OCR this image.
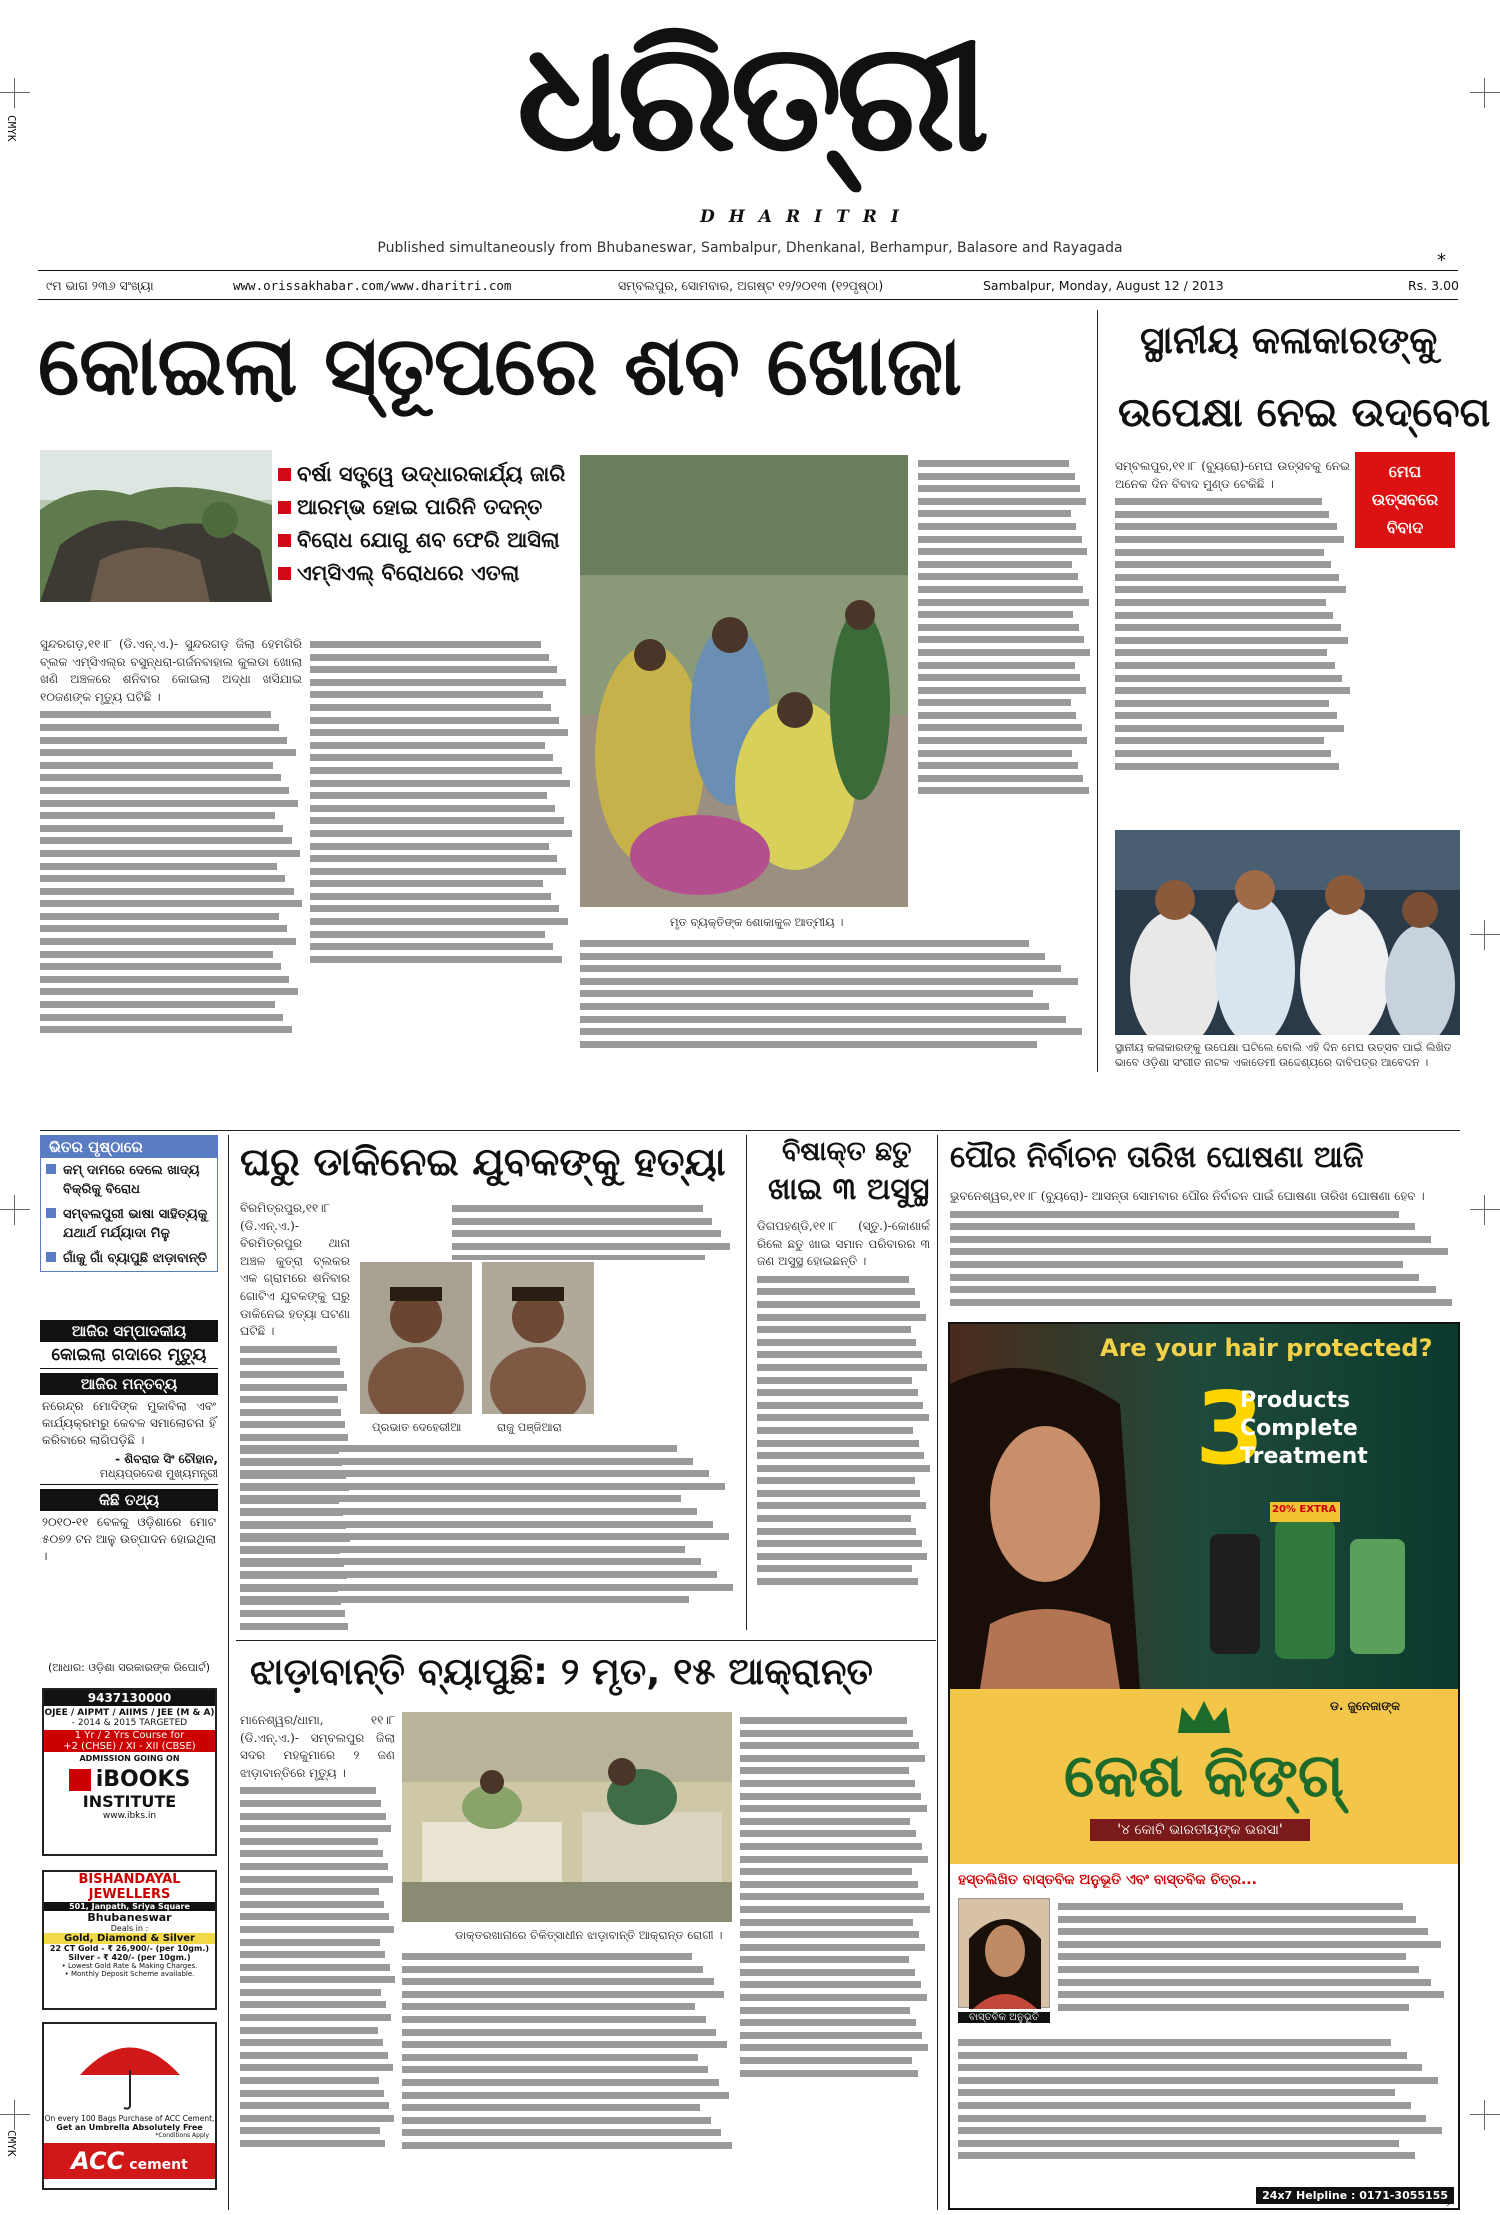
CMYK
CMYK
ଧରିତ୍ରୀ
DHARITRI
Published simultaneously from Bhubaneswar, Sambalpur, Dhenkanal, Berhampur, Balasore and Rayagada
*
୯ମ ଭାଗ ୨୩୬ ସଂଖ୍ୟା	www.orissakhabar.com/www.dharitri.com	ସମ୍ବଲପୁର, ସୋମବାର, ଅଗଷ୍ଟ ୧୨/୨୦୧୩ (୧୨ପୃଷ୍ଠା)	Sambalpur, Monday, August 12 / 2013	Rs. 3.00
କୋଇଲା ସ୍ତୂପରେ ଶବ ଖୋଜା	ସ୍ଥାନୀୟ କଳାକାରଙ୍କୁ
ଉପେକ୍ଷା ନେଇ ଉଦ୍‌ବେଗ
ବର୍ଷା ସତ୍ତ୍ୱେ ଉଦ୍ଧାରକାର୍ଯ୍ୟ ଜାରି
ଆରମ୍ଭ ହୋଇ ପାରିନି ତଦନ୍ତ
ବିରୋଧ ଯୋଗୁ ଶବ ଫେରି ଆସିଲା
ଏମ୍‌ସିଏଲ୍ ବିରୋଧରେ ଏତଲା
ମୃତ ବ୍ୟକ୍ତିଙ୍କ ଶୋକାକୁଳ ଆତ୍ମୀୟ ।
ସୁନ୍ଦରଗଡ଼,୧୧।୮ (ଡି.ଏନ୍.ଏ.)- ସୁନ୍ଦରଗଡ଼ ଜିଲା ହେମଗିରି ବ୍ଲକ ଏମ୍‌ସିଏଲ୍‌ର ବସୁନ୍ଧରା-ଗର୍ଜନବାହାଲ କୁଲଡା ଖୋଲା ଖଣି ଅଞ୍ଚଳରେ ଶନିବାର କୋଇଲା ଅଦ୍ଧା ଖସିଯାଇ ୧୦ଜଣଙ୍କ ମୃତ୍ୟୁ ଘଟିଛି ।
ମେଘ
ଉତ୍ସବରେ
ବିବାଦ
ସମ୍ବଲପୁର,୧୧।୮ (ବ୍ୟୁରୋ)-ମେଘ ଉତ୍ସବକୁ ନେଇ ଅନେକ ଦିନ ବିବାଦ ମୁଣ୍ଡ ଟେକିଛି ।
ସ୍ଥାନୀୟ କଳାକାରଙ୍କୁ ଉପେକ୍ଷା ଘଟିଲେ ବୋଲି ଏହି ଦିନ ମେଘ ଉତ୍ସବ ପାଇଁ ଲିଖିତ ଭାବେ ଓଡ଼ିଶା ସଂଗୀତ ନାଟକ ଏକାଡେମୀ ଉଦ୍ଦେଶ୍ୟରେ ଦାବିପତ୍ର ଆବେଦନ ।
ଭିତର ପୃଷ୍ଠାରେ
କମ୍ ଦାମରେ ଦେଲେ ଖାଦ୍ୟ ବିକ୍ରିକୁ ବିରୋଧ
ସମ୍ବଲପୁରୀ ଭାଷା ସାହିତ୍ୟକୁ ଯଥାର୍ଥ ମର୍ଯ୍ୟାଦା ମିଳୁ
ଗାଁକୁ ଗାଁ ବ୍ୟାପୁଛି ଝାଡ଼ାବାନ୍ତି
ଆଜିର ସମ୍ପାଦକୀୟ
କୋଇଲା ଗଦାରେ ମୃତ୍ୟୁ
ଆଜିର ମନ୍ତବ୍ୟ
ନରେନ୍ଦ୍ର ମୋଦିଙ୍କ ମୁକାବିଲା ଏବଂ କାର୍ଯ୍ୟକ୍ରମରୁ କେବଳ ସମାଲୋଚନା ହିଁ କରିବାରେ ଲାଗିପଡ଼ିଛି ।
- ଶିବରାଜ ସିଂ ଚୌହାନ,
ମଧ୍ୟପ୍ରଦେଶ ମୁଖ୍ୟମନ୍ତ୍ରୀ
କିଛି ତଥ୍ୟ
୨୦୧୦-୧୧ ବେଳକୁ ଓଡ଼ିଶାରେ ମୋଟ ୫୦୭୨ ଟନ ଆଳୁ ଉତ୍ପାଦନ ହୋଇଥିଲା ।
(ଆଧାର: ଓଡ଼ିଶା ସରକାରଙ୍କ ରିପୋର୍ଟ)
9437130000
OJEE / AIPMT / AIIMS / JEE (M & A)
- 2014 & 2015 TARGETED
1 Yr / 2 Yrs Course for
+2 (CHSE) / XI - XII (CBSE)
ADMISSION GOING ON
iBOOKS
INSTITUTE
www.ibks.in
BISHANDAYAL
JEWELLERS
501, Janpath, Sriya Square
Bhubaneswar
Deals in :
Gold, Diamond & Silver
22 CT Gold - ₹ 26,900/- (per 10gm.)
Silver - ₹ 420/- (per 10gm.)
• Lowest Gold Rate & Making Charges.
• Monthly Deposit Scheme available.
On every 100 Bags Purchase of ACC Cement,
Get an Umbrella Absolutely Free
*Conditions Apply
ACC cement
ଘରୁ ଡାକିନେଇ ଯୁବକଙ୍କୁ ହତ୍ୟା
ବିରମିତ୍ରପୁର,୧୧।୮ (ଡି.ଏନ୍.ଏ.)- ବିରମିତ୍ରପୁର ଥାନା ଅଞ୍ଚଳ କୁତ୍ରା ବ୍ଲକର ଏକ ଗ୍ରାମରେ ଶନିବାର ଗୋଟିଏ ଯୁବକଙ୍କୁ ଘରୁ ଡାକିନେଇ ହତ୍ୟା ଘଟଣା ଘଟିଛି ।
ପ୍ରଭାତ ଦେହେରୀଆ	ରାଜୁ ପଞ୍ଜିଆରା
ବିଷାକ୍ତ ଛତୁ
ଖାଇ ୩ ଅସୁସ୍ଥ
ଡିଗପହଣ୍ଡି,୧୧।୮ (ସ୍ତୁ.)-କୋଣାର୍କ ରିଲେ ଛତୁ ଖାଇ ସମାନ ପରିବାରର ୩ ଜଣ ଅସୁସ୍ଥ ହୋଇଛନ୍ତି ।
ପୌର ନିର୍ବାଚନ ତାରିଖ ଘୋଷଣା ଆଜି
ଭୁବନେଶ୍ୱର,୧୧।୮ (ବ୍ୟୁରୋ)- ଆସନ୍ତା ସୋମବାର ପୌର ନିର୍ବାଚନ ପାଇଁ ଘୋଷଣା ତାରିଖ ଘୋଷଣା ହେବ ।
Are your hair protected?
3
Products
Complete
Treatment
20% EXTRA
ଡ. ଜୁନେଜାଙ୍କ
କେଶ କିଙ୍ଗ୍
'୪ କୋଟି ଭାରତୀୟଙ୍କ ଭରସା'
ହସ୍ତଲିଖିତ ବାସ୍ତବିକ ଅନୁଭୂତି ଏବଂ ବାସ୍ତବିକ ଚିତ୍ର...
ବାସ୍ତବିକ ଅନୁଭୂତି
24x7 Helpline : 0171-3055155
ଝାଡ଼ାବାନ୍ତି ବ୍ୟାପୁଛି: ୨ ମୃତ, ୧୫ ଆକ୍ରାନ୍ତ
ମାନେଶ୍ୱର/ଧାମା, ୧୧।୮ (ଡି.ଏନ୍.ଏ.)- ସମ୍ବଲପୁର ଜିଲା ସଦର ମହକୁମାରେ ୨ ଜଣ ଝାଡ଼ାବାନ୍ତିରେ ମୃତ୍ୟୁ ।
ଡାକ୍ତରଖାନାରେ ଚିକିତ୍ସାଧୀନ ଝାଡ଼ାବାନ୍ତି ଆକ୍ରାନ୍ତ ରୋଗୀ ।
୨
